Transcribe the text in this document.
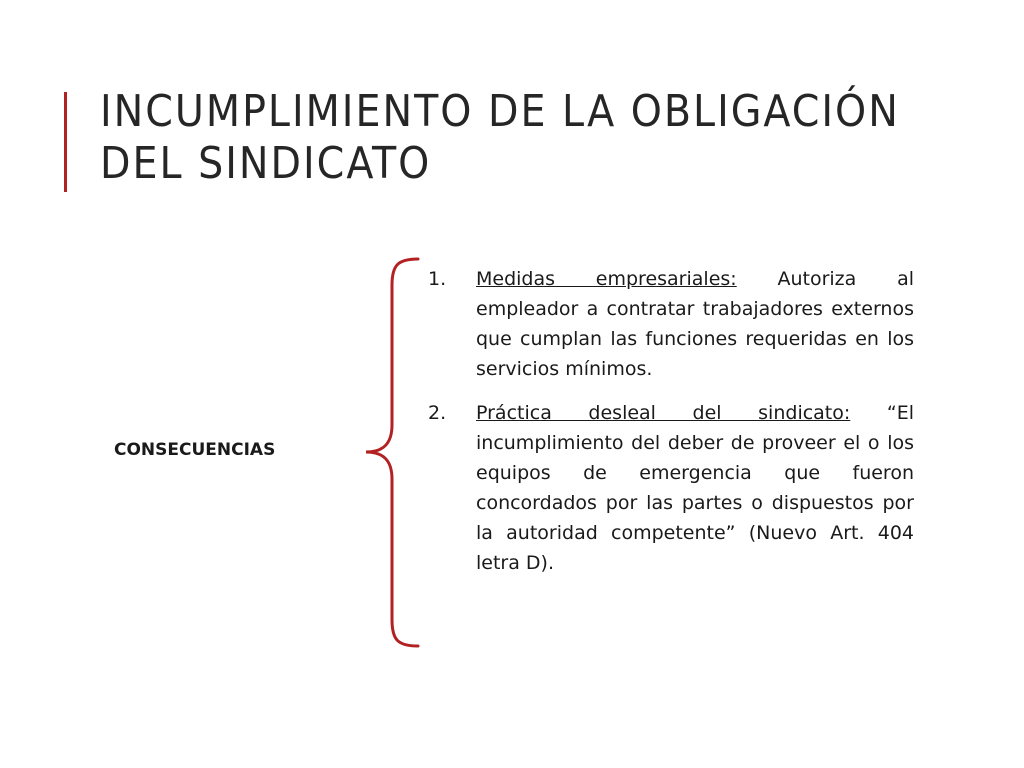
INCUMPLIMIENTO DE LA OBLIGACIÓN DEL SINDICATO
CONSECUENCIAS
1. Medidas empresariales: Autoriza al empleador a contratar trabajadores externos que cumplan las funciones requeridas en los servicios mínimos.
2. Práctica desleal del sindicato: “El incumplimiento del deber de proveer el o los equipos de emergencia que fueron concordados por las partes o dispuestos por la autoridad competente” (Nuevo Art. 404 letra D).
